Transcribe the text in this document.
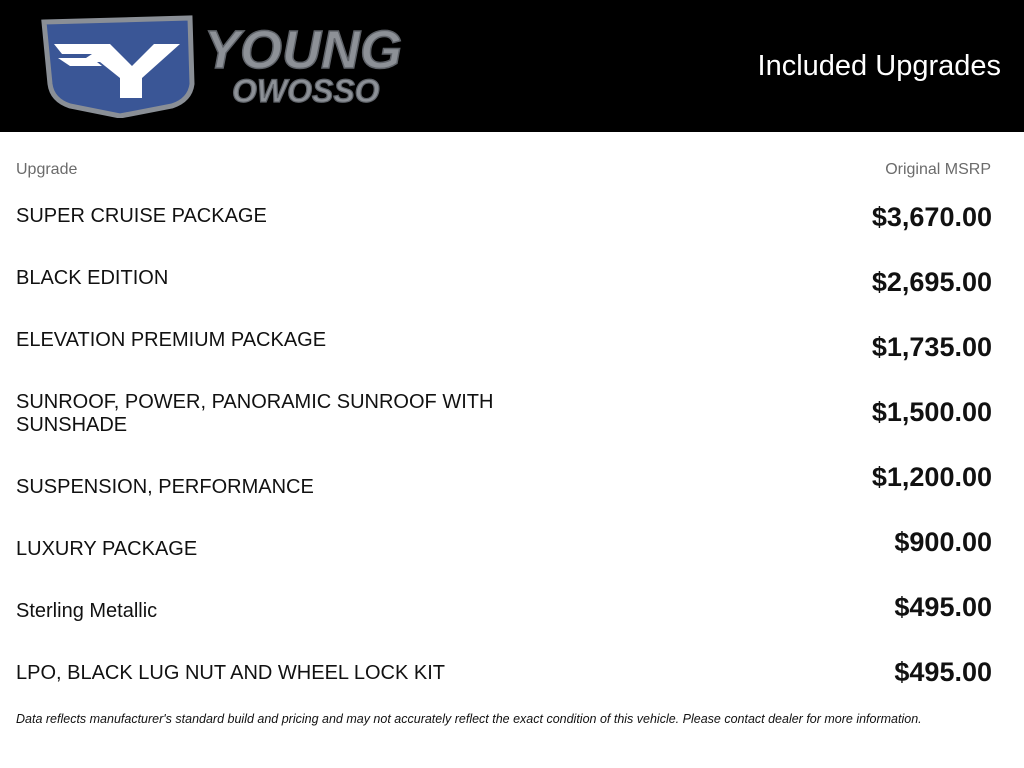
YOUNG
OWOSSO
Included Upgrades
Upgrade	Original MSRP
SUPER CRUISE PACKAGE	$3,670.00
BLACK EDITION	$2,695.00
ELEVATION PREMIUM PACKAGE	$1,735.00
SUNROOF, POWER, PANORAMIC SUNROOF WITH SUNSHADE	$1,500.00
SUSPENSION, PERFORMANCE	$1,200.00
LUXURY PACKAGE	$900.00
Sterling Metallic	$495.00
LPO, BLACK LUG NUT AND WHEEL LOCK KIT	$495.00
Data reflects manufacturer's standard build and pricing and may not accurately reflect the exact condition of this vehicle. Please contact dealer for more information.
